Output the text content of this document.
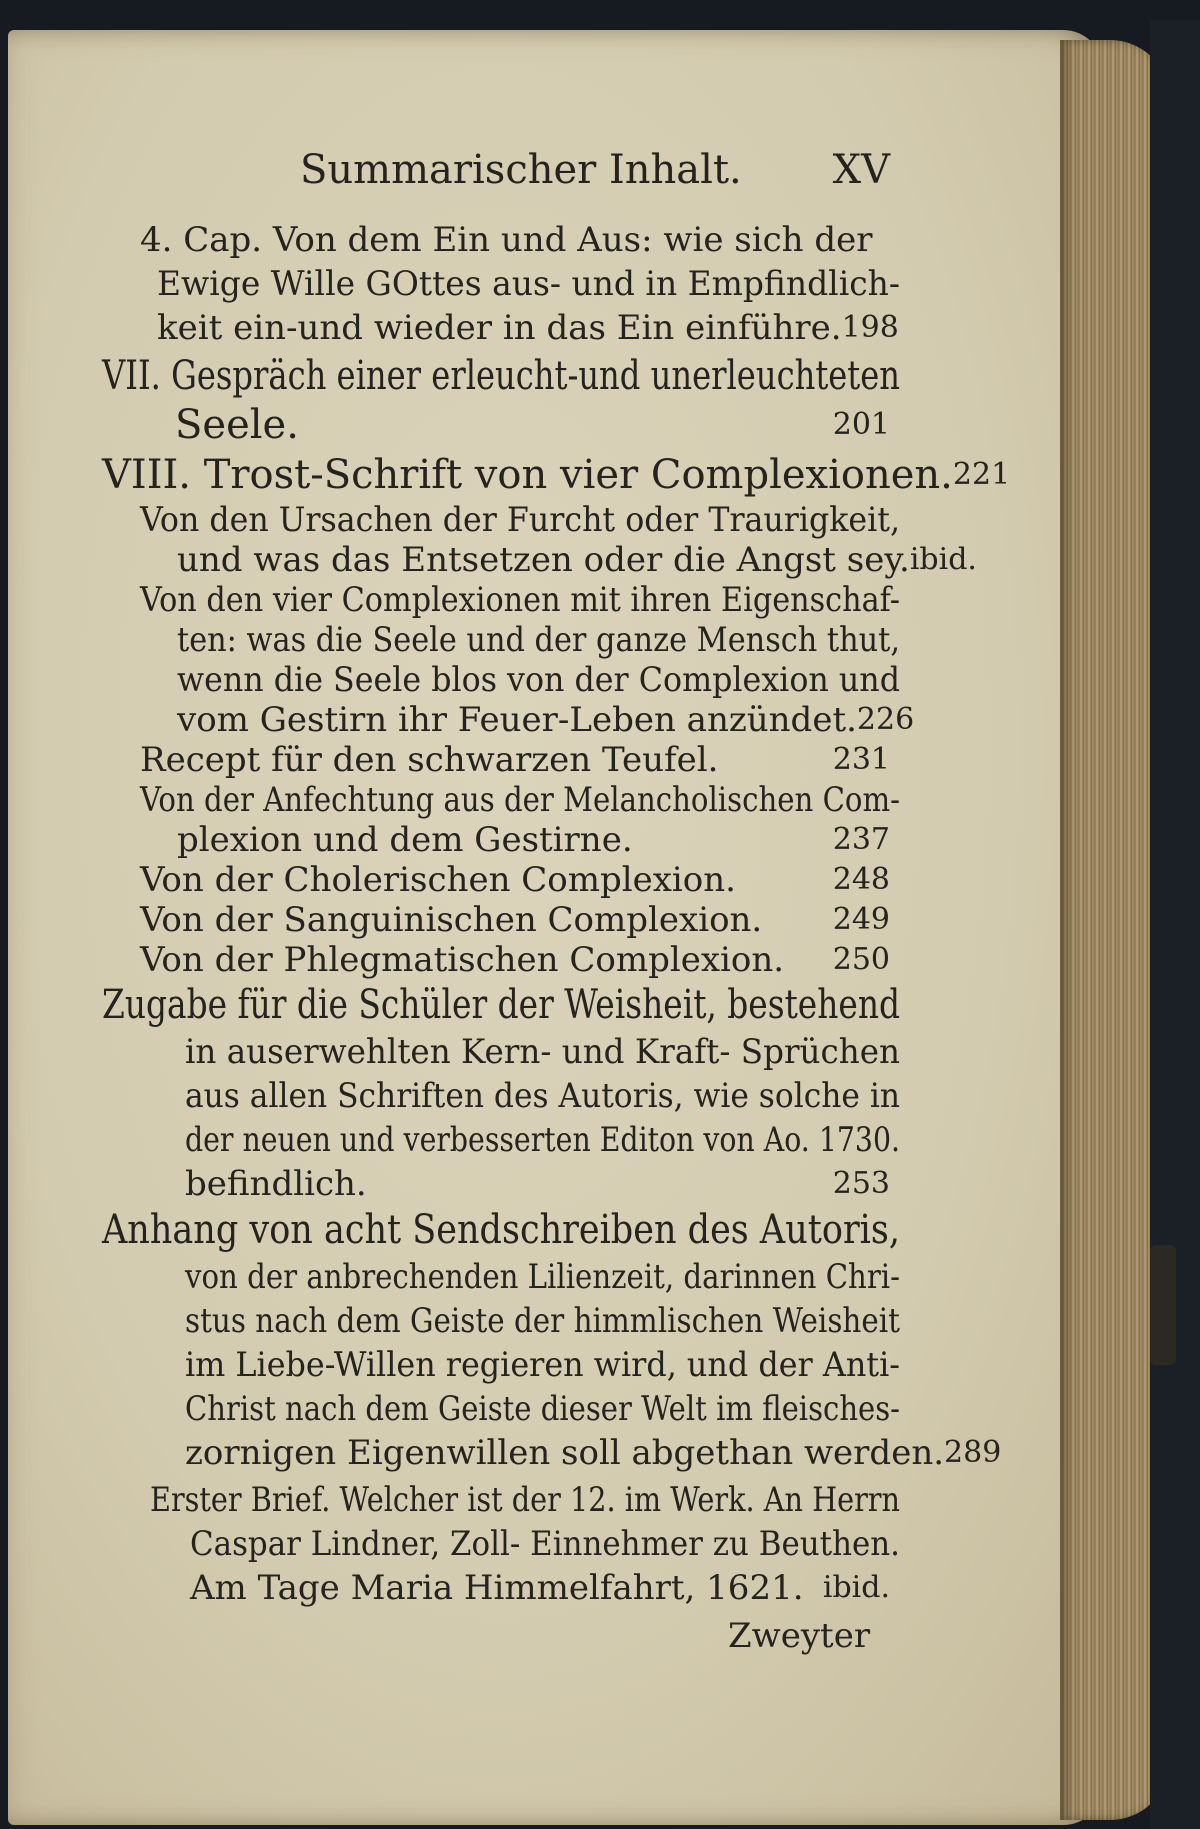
Summarischer Inhalt. XV
4. Cap. Von dem Ein und Aus: wie sich der
Ewige Wille GOttes aus- und in Empfindlich-
keit ein-und wieder in das Ein einführe. 198
VII. Gespräch einer erleucht-und unerleuchteten
Seele.	201
VIII. Trost-Schrift von vier Complexionen. 221
Von den Ursachen der Furcht oder Traurigkeit,
und was das Entsetzen oder die Angst sey. ibid.
Von den vier Complexionen mit ihren Eigenschaf-
ten: was die Seele und der ganze Mensch thut,
wenn die Seele blos von der Complexion und
vom Gestirn ihr Feuer-Leben anzündet. 226
Recept für den schwarzen Teufel.	231
Von der Anfechtung aus der Melancholischen Com-
plexion und dem Gestirne.	237
Von der Cholerischen Complexion.	248
Von der Sanguinischen Complexion. 249
Von der Phlegmatischen Complexion. 250
Zugabe für die Schüler der Weisheit, bestehend
in auserwehlten Kern- und Kraft- Sprüchen
aus allen Schriften des Autoris, wie solche in
der neuen und verbesserten Editon von Ao. 1730.
befindlich.	253
Anhang von acht Sendschreiben des Autoris,
von der anbrechenden Lilienzeit, darinnen Chri-
stus nach dem Geiste der himmlischen Weisheit
im Liebe-Willen regieren wird, und der Anti-
Christ nach dem Geiste dieser Welt im fleisches-
zornigen Eigenwillen soll abgethan werden. 289
Erster Brief. Welcher ist der 12. im Werk. An Herrn
Caspar Lindner, Zoll- Einnehmer zu Beuthen.
Am Tage Maria Himmelfahrt, 1621. ibid.
Zweyter
